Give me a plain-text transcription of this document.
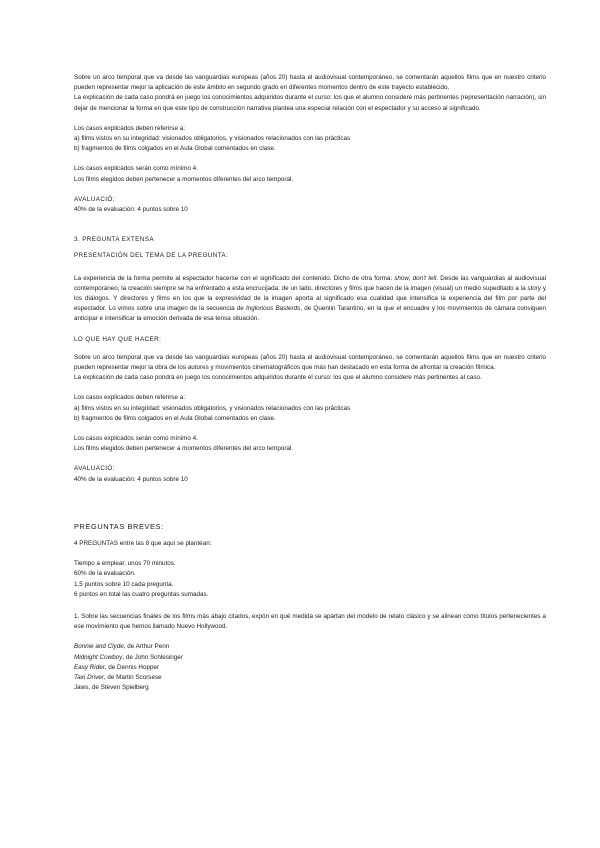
Sobre un arco temporal que va desde las vanguardias europeas (años 20) hasta el audiovisual contemporáneo, se comentarán aquellos films que en nuestro criterio pueden representar mejor la aplicación de este ámbito en segundo grado en diferentes momentos dentro de este trayecto establecido.

La explicación de cada caso pondrá en juego los conocimientos adquiridos durante el curso: los que el alumno considere más pertinentes (representación narración), sin dejar de mencionar la forma en que este tipo de construcción narrativa plantea una especial relación con el espectador y su acceso al significado.

Los casos explicados deben referirse a:

a) films vistos en su integridad: visionados obligatorios, y visionados relacionados con las prácticas

b) fragmentos de films colgados en el Aula Global comentados en clase.

Los casos explicados serán como mínimo 4.

Los films elegidos deben pertenecer a momentos diferentes del arco temporal.

AVALUACIÓ:

40% de la evaluación: 4 puntos sobre 10

3. PREGUNTA EXTENSA

PRESENTACIÓN DEL TEMA DE LA PREGUNTA:

La experiencia de la forma permite al espectador hacerse con el significado del contenido. Dicho de otra forma: show, don't tell. Desde las vanguardias al audiovisual contemporáneo, la creación siempre se ha enfrentado a esta encrucijada: de un lado, directores y films que hacen de la imagen (visual) un medio supeditado a la story y los diálogos. Y directores y films en los que la expresividad de la imagen aporta al significado esa cualidad que intensifica la experiencia del film por parte del espectador. Lo vimos sobre una imagen de la secuencia de Inglorious Basterds, de Quentin Tarantino, en la que el encuadre y los movimientos de cámara consiguen anticipar e intensificar la emoción derivada de esa tensa situación.

LO QUE HAY QUE HACER:

Sobre un arco temporal que va desde las vanguardias europeas (años 20) hasta el audiovisual contemporáneo, se comentarán aquellos films que en nuestro criterio pueden representar mejor la obra de los autores y movimientos cinematográficos que más han destacado en esta forma de afrontar la creación fílmica.

La explicación de cada caso pondrá en juego los conocimientos adquiridos durante el curso: los que el alumno considere más pertinentes al caso.

Los casos explicados deben referirse a:

a) films vistos en su integridad: visionados obligatorios, y visionados relacionados con las prácticas

b) fragmentos de films colgados en el Aula Global comentados en clase.

Los casos explicados serán como mínimo 4.

Los films elegidos deben pertenecer a momentos diferentes del arco temporal.

AVALUACIÓ:

40% de la evaluación: 4 puntos sobre 10

PREGUNTAS BREVES:

4 PREGUNTAS entre las 8 que aquí se plantean:

Tiempo a emplear, unos 70 minutos.

60% de la evaluación.

1,5 puntos sobre 10 cada pregunta.

6 puntos en total las cuatro preguntas sumadas.

1. Sobre las secuencias finales de los films más abajo citados, expón en qué medida se apartan del modelo de relato clásico y se alinean como títulos pertenecientes a ese movimiento que hemos llamado Nuevo Hollywood.

Bonnie and Clyde, de Arthur Penn

Midnight Cowboy, de John Schlesinger

Easy Rider, de Dennis Hopper

Taxi Driver, de Martin Scorsese

Jaws, de Steven Spielberg
